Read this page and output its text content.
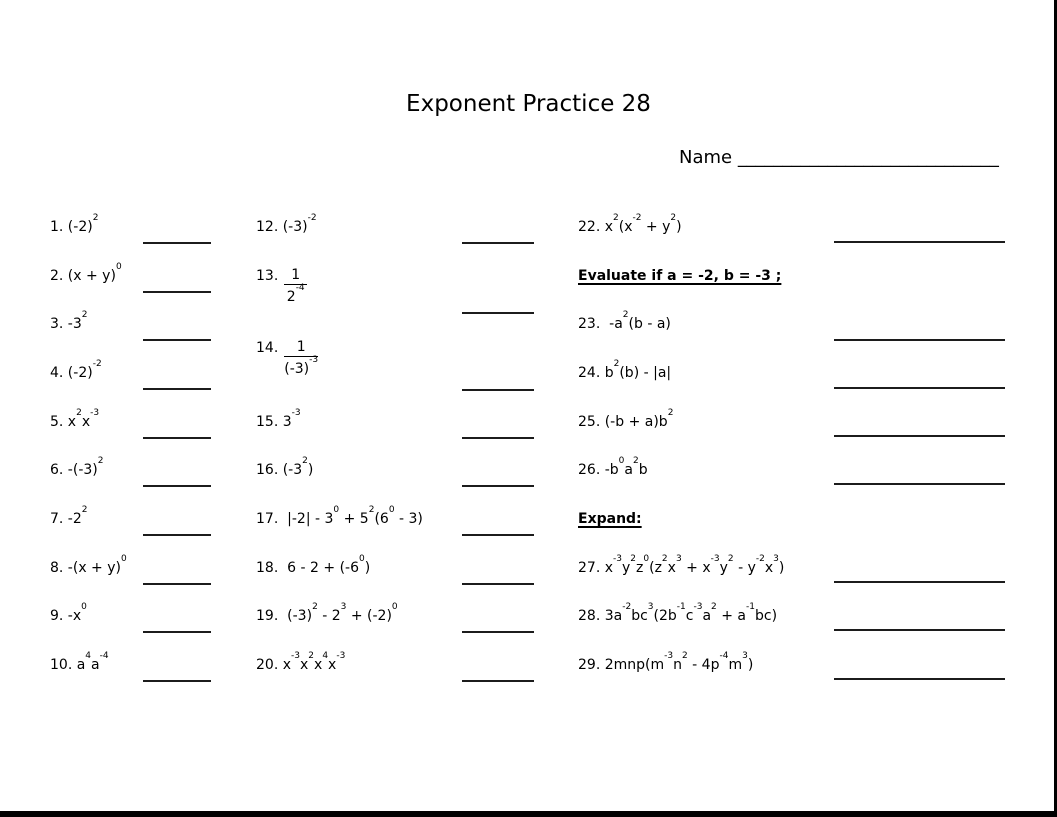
Exponent Practice 28
Name _____________________________
1. $(-2)^2$
2. $(x + y)^0$
3. $-3^2$
4. $(-2)^{-2}$
5. $x^2x^{-3}$
6. $-(-3)^2$
7. $-2^2$
8. $-(x + y)^0$
9. $-x^0$
10. $a^4a^{-4}$
12. $(-3)^{-2}$
13. $\frac{1}{2^{-4}}$
14. $\frac{1}{(-3)^{-3}}$
15. $3^{-3}$
16. $(-3^2)$
17.  $|-2| - 3^0 + 5^2(6^0 - 3)$
18.  $6 - 2 + (-6^0)$
19.  $(-3)^2 - 2^3 + (-2)^0$
20. $x^{-3}x^2x^4x^{-3}$
22. $x^2(x^{-2} + y^2)$
Evaluate if a = -2, b = -3 ;
23.  $-a^2(b - a)$
24. $b^2(b) - |a|$
25. $(-b + a)b^2$
26. $-b^0a^2b$
Expand:
27. $x^{-3}y^2z^0(z^2x^3 + x^{-3}y^2 - y^{-2}x^3)$
28. $3a^{-2}bc^3(2b^{-1}c^{-3}a^2 + a^{-1}bc)$
29. $2mnp(m^{-3}n^2 - 4p^{-4}m^3)$
